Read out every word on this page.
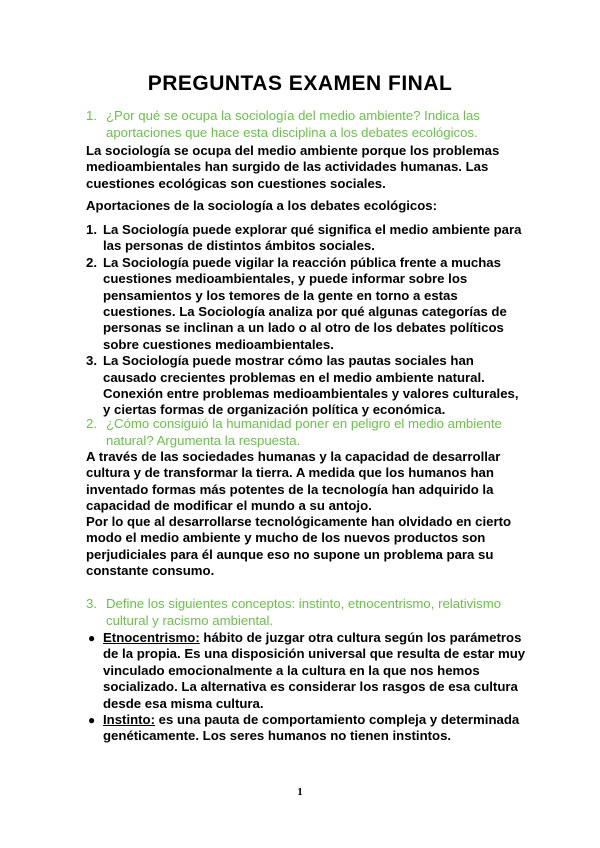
PREGUNTAS EXAMEN FINAL
1. ¿Por qué se ocupa la sociología del medio ambiente? Indica las aportaciones que hace esta disciplina a los debates ecológicos.
La sociología se ocupa del medio ambiente porque los problemas medioambientales han surgido de las actividades humanas. Las cuestiones ecológicas son cuestiones sociales.
Aportaciones de la sociología a los debates ecológicos:
1. La Sociología puede explorar qué significa el medio ambiente para las personas de distintos ámbitos sociales.
2. La Sociología puede vigilar la reacción pública frente a muchas cuestiones medioambientales, y puede informar sobre los pensamientos y los temores de la gente en torno a estas cuestiones. La Sociología analiza por qué algunas categorías de personas se inclinan a un lado o al otro de los debates políticos sobre cuestiones medioambientales.
3. La Sociología puede mostrar cómo las pautas sociales han causado crecientes problemas en el medio ambiente natural. Conexión entre problemas medioambientales y valores culturales, y ciertas formas de organización política y económica.
2. ¿Cómo consiguió la humanidad poner en peligro el medio ambiente natural? Argumenta la respuesta.
A través de las sociedades humanas y la capacidad de desarrollar cultura y de transformar la tierra. A medida que los humanos han inventado formas más potentes de la tecnología han adquirido la capacidad de modificar el mundo a su antojo.
Por lo que al desarrollarse tecnológicamente han olvidado en cierto modo el medio ambiente y mucho de los nuevos productos son perjudiciales para él aunque eso no supone un problema para su constante consumo.
3. Define los siguientes conceptos: instinto, etnocentrismo, relativismo cultural y racismo ambiental.
● Etnocentrismo: hábito de juzgar otra cultura según los parámetros de la propia. Es una disposición universal que resulta de estar muy vinculado emocionalmente a la cultura en la que nos hemos socializado. La alternativa es considerar los rasgos de esa cultura desde esa misma cultura.
● Instinto: es una pauta de comportamiento compleja y determinada genéticamente. Los seres humanos no tienen instintos.
1
